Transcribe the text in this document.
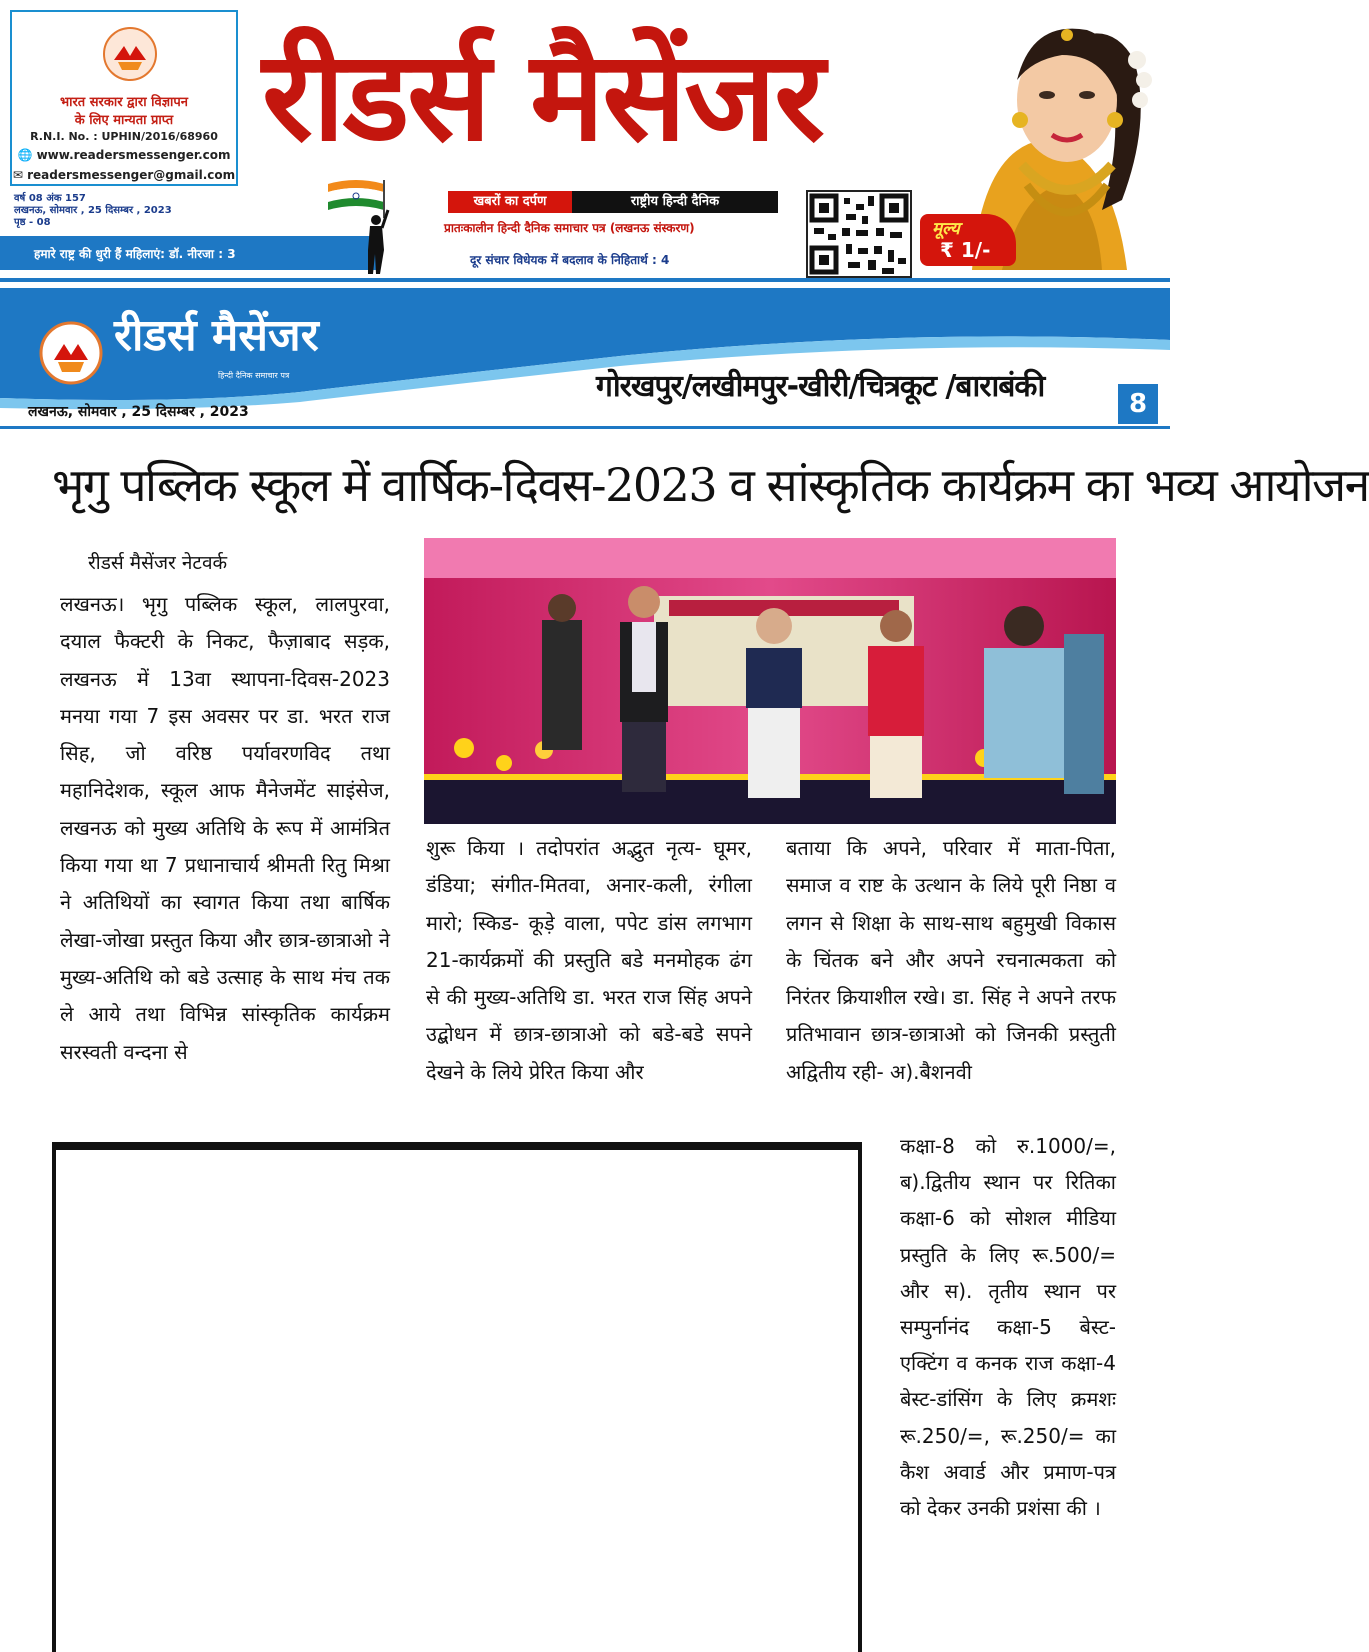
भारत सरकार द्वारा विज्ञापन
के लिए मान्यता प्राप्त
R.N.I. No. : UPHIN/2016/68960
🌐 www.readersmessenger.com
✉ readersmessenger@gmail.com
वर्ष 08 अंक 157
लखनऊ, सोमवार , 25 दिसम्बर , 2023
पृष्ठ - 08
हमारे राष्ट्र की धुरी हैं महिलाएं: डॉ. नीरजा : 3
रीडर्स मैसेंजर
खबरों का दर्पण	राष्ट्रीय हिन्दी दैनिक
प्रातःकालीन हिन्दी दैनिक समाचार पत्र (लखनऊ संस्करण)
दूर संचार विधेयक में बदलाव के निहितार्थ : 4
मूल्य
₹ 1/-
रीडर्स मैसेंजर
हिन्दी दैनिक समाचार पत्र
लखनऊ, सोमवार , 25 दिसम्बर , 2023
गोरखपुर/लखीमपुर-खीरी/चित्रकूट /बाराबंकी	8
भृगु पब्लिक स्कूल में वार्षिक-दिवस-2023 व सांस्कृतिक कार्यक्रम का भव्य आयोजन
रीडर्स मैसेंजर नेटवर्क
लखनऊ। भृगु पब्लिक स्कूल, लालपुरवा, दयाल फैक्टरी के निकट, फैज़ाबाद सड़क, लखनऊ में 13वा स्थापना-दिवस-2023 मनया गया 7 इस अवसर पर डा. भरत राज सिह, जो वरिष्ठ पर्यावरणविद तथा महानिदेशक, स्कूल आफ मैनेजमेंट साइंसेज, लखनऊ को मुख्य अतिथि के रूप में आमंत्रित किया गया था 7 प्रधानाचार्य श्रीमती रितु मिश्रा ने अतिथियों का स्वागत किया तथा बार्षिक लेखा-जोखा प्रस्तुत किया और छात्र-छात्राओ ने मुख्य-अतिथि को बडे उत्साह के साथ मंच तक ले आये तथा विभिन्न सांस्कृतिक कार्यक्रम सरस्वती वन्दना से
शुरू किया । तदोपरांत अद्भुत नृत्य- घूमर, डंडिया; संगीत-मितवा, अनार-कली, रंगीला मारो; स्किड- कूड़े वाला, पपेट डांस लगभाग 21-कार्यक्रमों की प्रस्तुति बडे मनमोहक ढंग से की मुख्य-अतिथि डा. भरत राज सिंह अपने उद्बोधन में छात्र-छात्राओ को बडे-बडे सपने देखने के लिये प्रेरित किया और
बताया कि अपने, परिवार में माता-पिता, समाज व राष्ट के उत्थान के लिये पूरी निष्ठा व लगन से शिक्षा के साथ-साथ बहुमुखी विकास के चिंतक बने और अपने रचनात्मकता को निरंतर क्रियाशील रखे। डा. सिंह ने अपने तरफ प्रतिभावान छात्र-छात्राओ को जिनकी प्रस्तुती अद्वितीय रही- अ).बैशनवी
कक्षा-8 को रु.1000/=, ब).द्वितीय स्थान पर रितिका कक्षा-6 को सोशल मीडिया प्रस्तुति के लिए रू.500/= और स). तृतीय स्थान पर सम्पुर्नानंद कक्षा-5 बेस्ट-एक्टिंग व कनक राज कक्षा-4 बेस्ट-डांसिंग के लिए क्रमशः रू.250/=, रू.250/= का कैश अवार्ड और प्रमाण-पत्र को देकर उनकी प्रशंसा की ।
